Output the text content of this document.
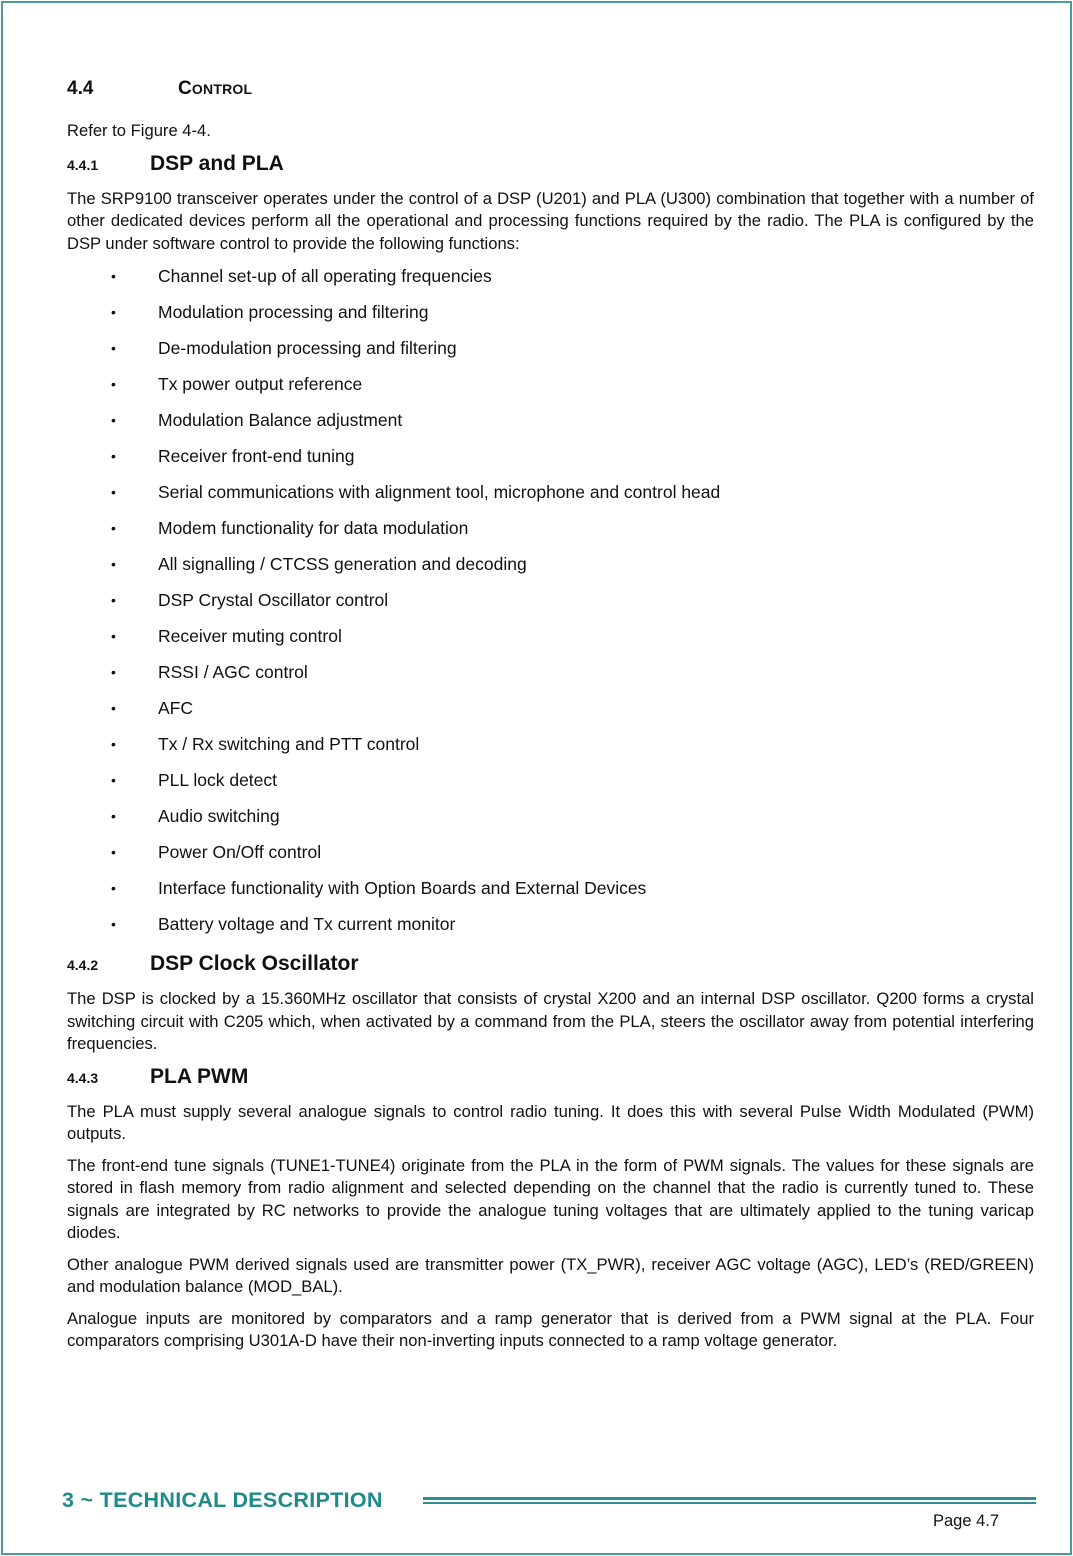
4.4	CONTROL

Refer to Figure 4-4.

4.4.1	DSP and PLA

The SRP9100 transceiver operates under the control of a DSP (U201) and PLA (U300) combination that together with a number of other dedicated devices perform all the operational and processing functions required by the radio. The PLA is configured by the DSP under software control to provide the following functions:

• Channel set-up of all operating frequencies
• Modulation processing and filtering
• De-modulation processing and filtering
• Tx power output reference
• Modulation Balance adjustment
• Receiver front-end tuning
• Serial communications with alignment tool, microphone and control head
• Modem functionality for data modulation
• All signalling / CTCSS generation and decoding
• DSP Crystal Oscillator control
• Receiver muting control
• RSSI / AGC control
• AFC
• Tx / Rx switching and PTT control
• PLL lock detect
• Audio switching
• Power On/Off control
• Interface functionality with Option Boards and External Devices
• Battery voltage and Tx current monitor
4.4.2	DSP Clock Oscillator

The DSP is clocked by a 15.360MHz oscillator that consists of crystal X200 and an internal DSP oscillator. Q200 forms a crystal switching circuit with C205 which, when activated by a command from the PLA, steers the oscillator away from potential interfering frequencies.

4.4.3	PLA PWM

The PLA must supply several analogue signals to control radio tuning. It does this with several Pulse Width Modulated (PWM) outputs.

The front-end tune signals (TUNE1-TUNE4) originate from the PLA in the form of PWM signals. The values for these signals are stored in flash memory from radio alignment and selected depending on the channel that the radio is currently tuned to. These signals are integrated by RC networks to provide the analogue tuning voltages that are ultimately applied to the tuning varicap diodes.

Other analogue PWM derived signals used are transmitter power (TX_PWR), receiver AGC voltage (AGC), LED’s (RED/GREEN) and modulation balance (MOD_BAL).

Analogue inputs are monitored by comparators and a ramp generator that is derived from a PWM signal at the PLA. Four comparators comprising U301A-D have their non-inverting inputs connected to a ramp voltage generator.

3 ~ TECHNICAL DESCRIPTION
Page 4.7
